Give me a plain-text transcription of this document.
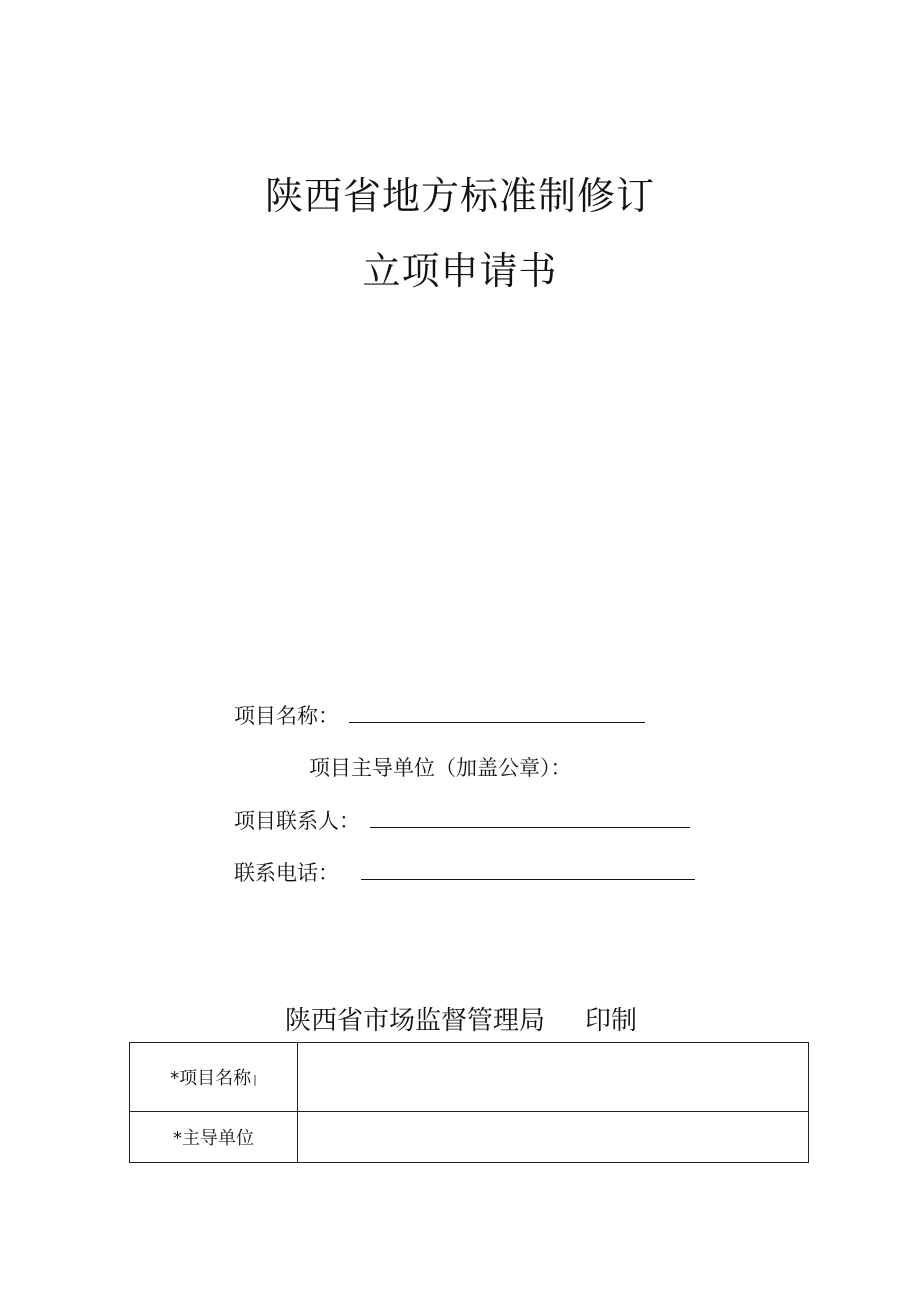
陕西省地方标准制修订
立项申请书
项目名称：
项目主导单位（加盖公章）：
项目联系人：
联系电话：
陕西省市场监督管理局 印制
*项目名称 |	
*主导单位	
